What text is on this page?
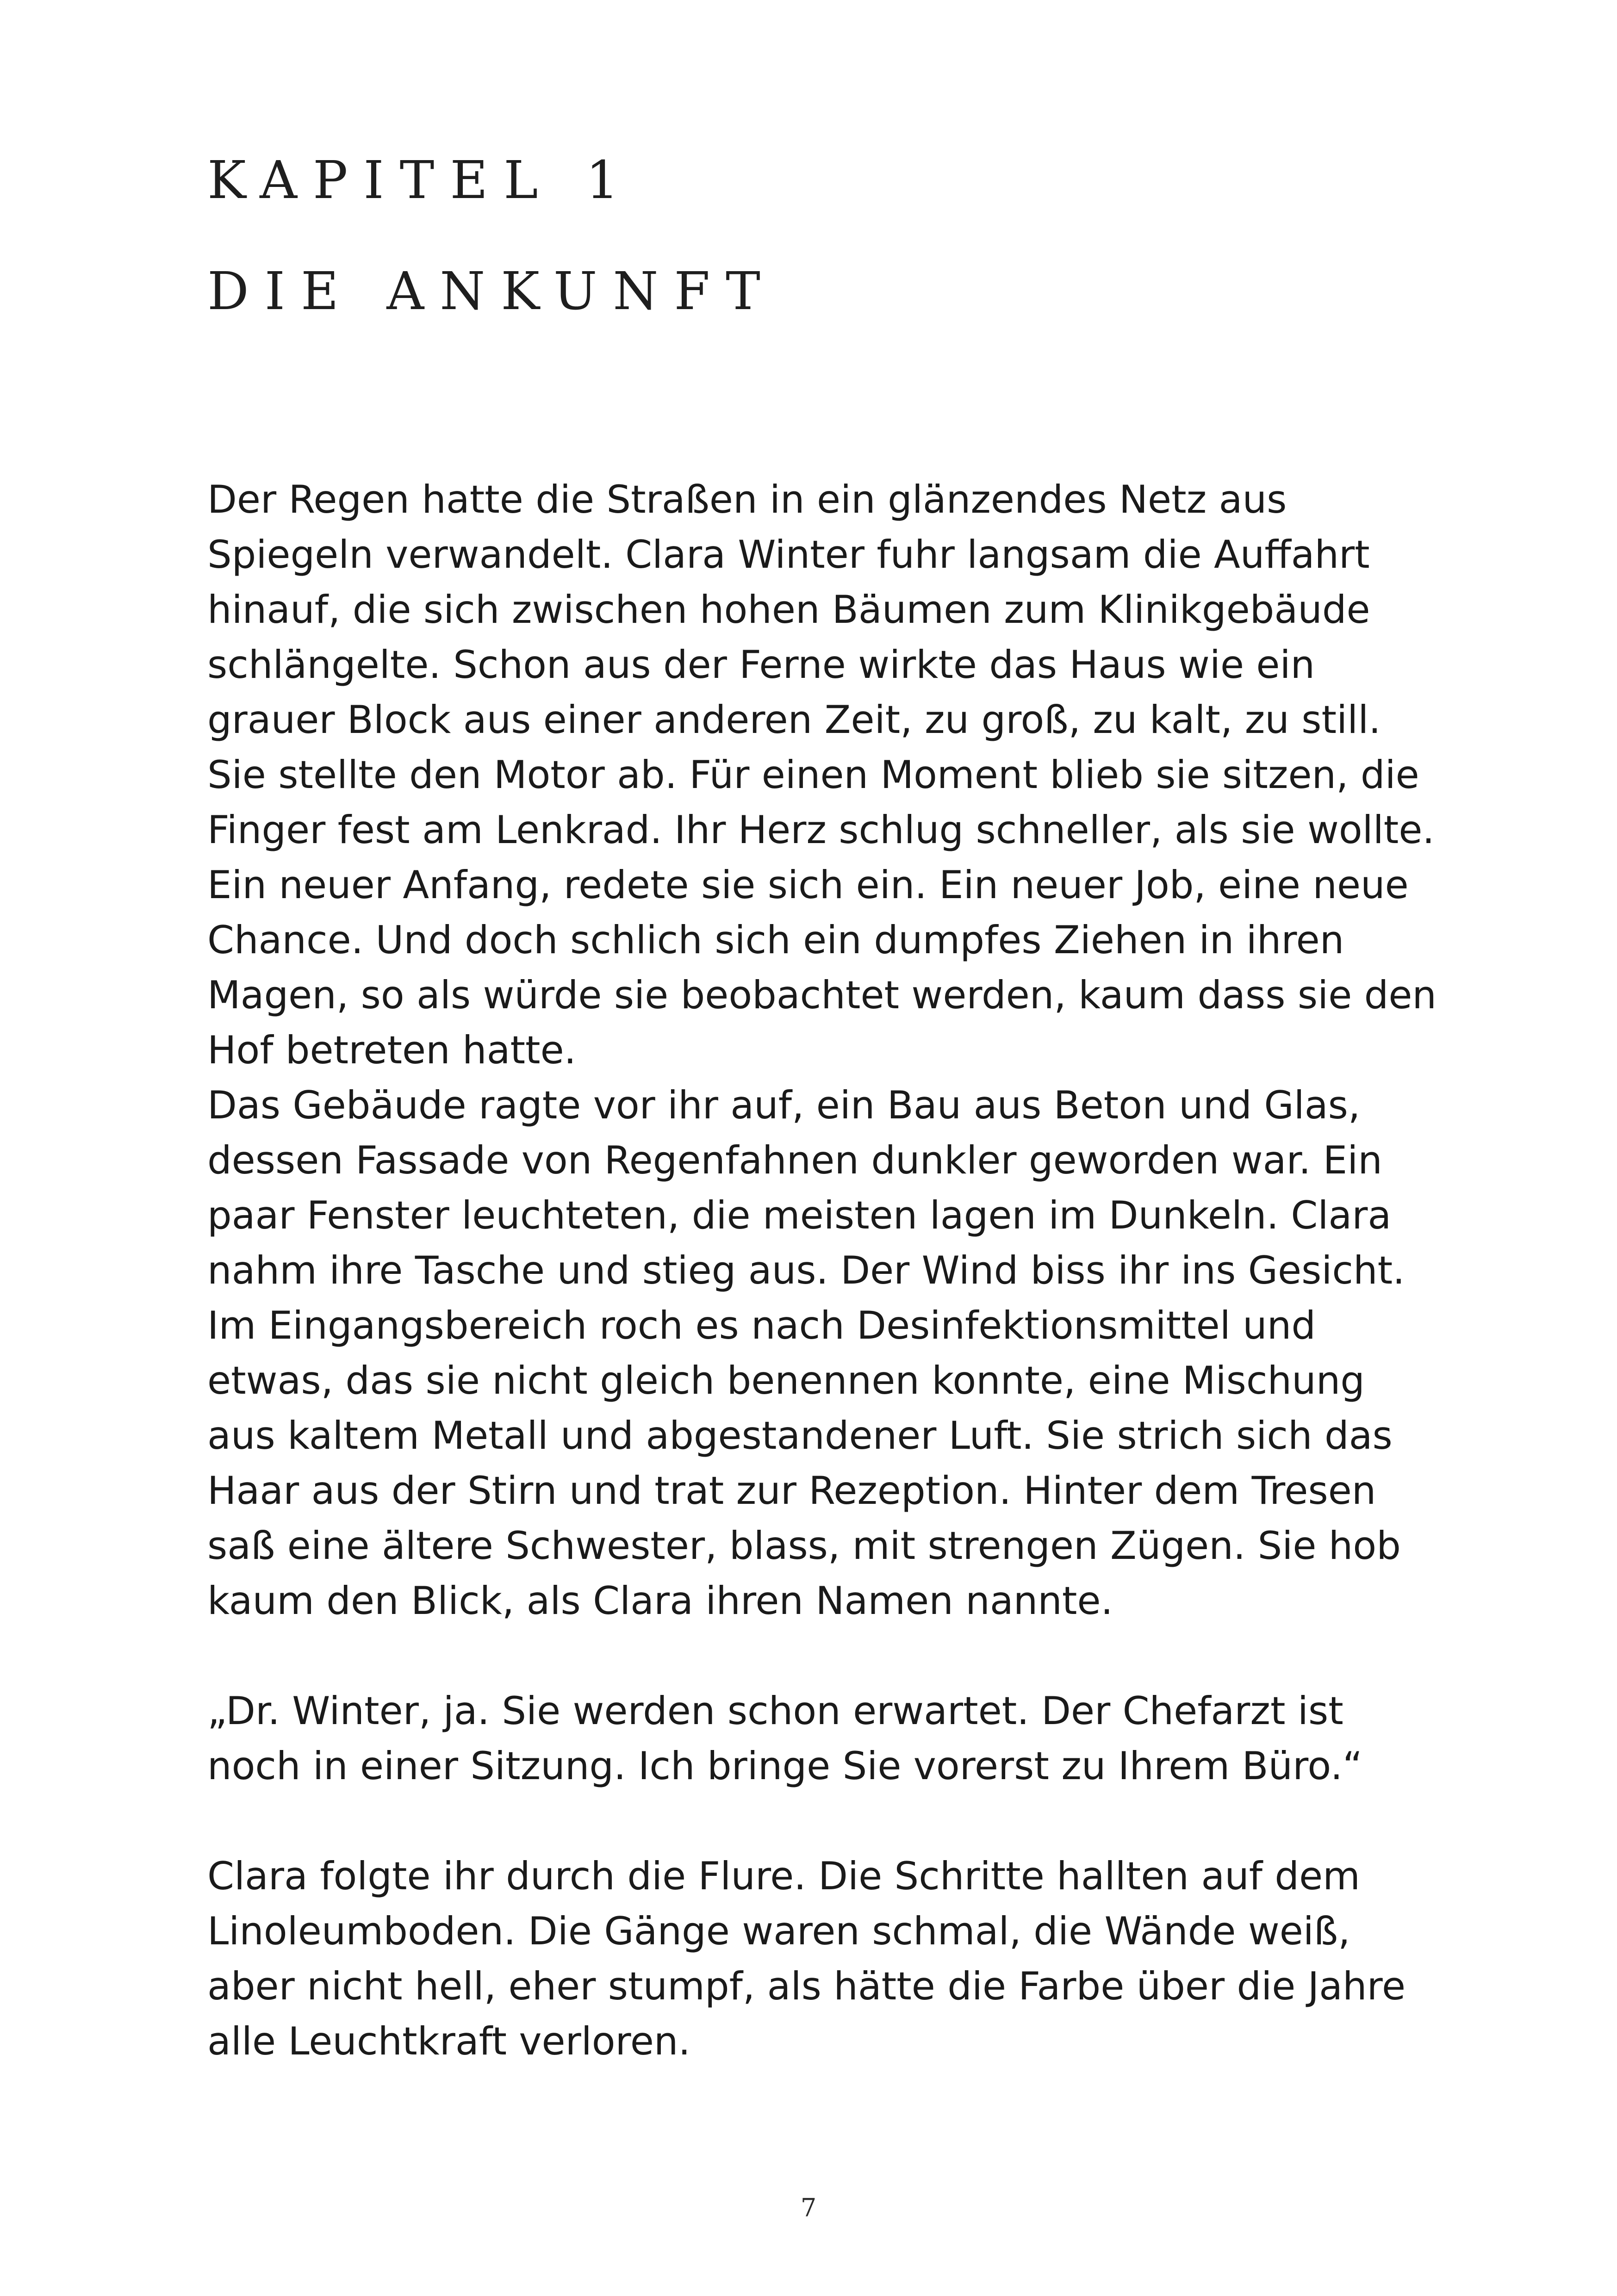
KAPITEL 1
DIE ANKUNFT

Der Regen hatte die Straßen in ein glänzendes Netz aus Spiegeln verwandelt. Clara Winter fuhr langsam die Auffahrt hinauf, die sich zwischen hohen Bäumen zum Klinikgebäude schlängelte. Schon aus der Ferne wirkte das Haus wie ein grauer Block aus einer anderen Zeit, zu groß, zu kalt, zu still. Sie stellte den Motor ab. Für einen Moment blieb sie sitzen, die Finger fest am Lenkrad. Ihr Herz schlug schneller, als sie wollte. Ein neuer Anfang, redete sie sich ein. Ein neuer Job, eine neue Chance. Und doch schlich sich ein dumpfes Ziehen in ihren Magen, so als würde sie beobachtet werden, kaum dass sie den Hof betreten hatte.

Das Gebäude ragte vor ihr auf, ein Bau aus Beton und Glas, dessen Fassade von Regenfahnen dunkler geworden war. Ein paar Fenster leuchteten, die meisten lagen im Dunkeln. Clara nahm ihre Tasche und stieg aus. Der Wind biss ihr ins Gesicht. Im Eingangsbereich roch es nach Desinfektionsmittel und etwas, das sie nicht gleich benennen konnte, eine Mischung aus kaltem Metall und abgestandener Luft. Sie strich sich das Haar aus der Stirn und trat zur Rezeption. Hinter dem Tresen saß eine ältere Schwester, blass, mit strengen Zügen. Sie hob kaum den Blick, als Clara ihren Namen nannte.

„Dr. Winter, ja. Sie werden schon erwartet. Der Chefarzt ist noch in einer Sitzung. Ich bringe Sie vorerst zu Ihrem Büro.“

Clara folgte ihr durch die Flure. Die Schritte hallten auf dem Linoleumboden. Die Gänge waren schmal, die Wände weiß, aber nicht hell, eher stumpf, als hätte die Farbe über die Jahre alle Leuchtkraft verloren.

7
